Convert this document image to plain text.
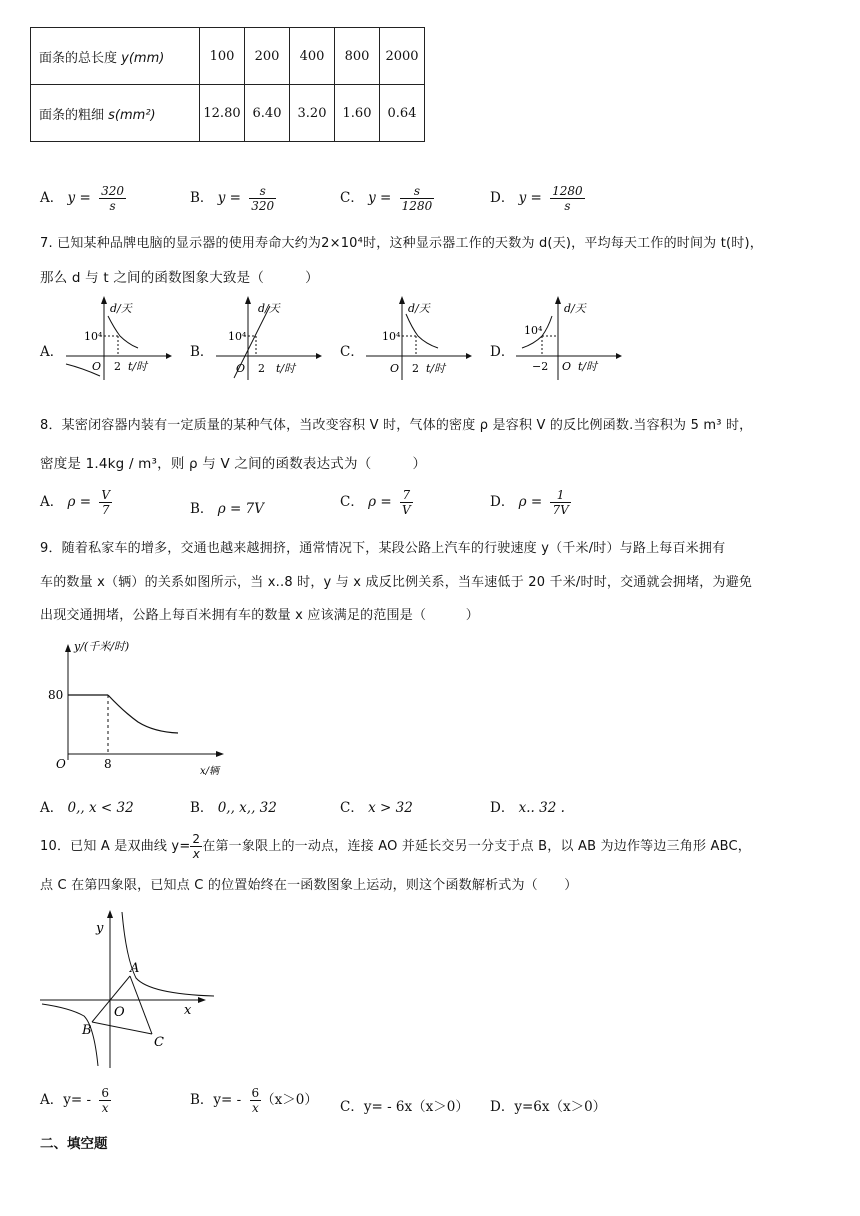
面条的总长度 y(mm)	100	200	400	800	2000
面条的粗细 s(mm²)	12.80	6.40	3.20	1.60	0.64
A． $y = \frac{320}{s}$	B． $y = \frac{s}{320}$	C． $y = \frac{s}{1280}$	D． $y = \frac{1280}{s}$
7. 已知某种品牌电脑的显示器的使用寿命大约为2×10⁴时，这种显示器工作的天数为 d(天)，平均每天工作的时间为 t(时)，
那么 d 与 t 之间的函数图象大致是（　　　）
A．	B．	C．	D．
d/天
10⁴
O 2 t/时
d/天
10⁴
O 2 t/时
d/天
10⁴
O 2 t/时
d/天
10⁴
−2 O t/时
8．某密闭容器内装有一定质量的某种气体，当改变容积 V 时，气体的密度 ρ 是容积 V 的反比例函数.当容积为 5 m³ 时，
密度是 1.4kg / m³，则 ρ 与 V 之间的函数表达式为（　　　）
A． $\rho = \frac{V}{7}$	B． ρ = 7V	C． $\rho = \frac{7}{V}$	D． $\rho = \frac{1}{7V}$
9．随着私家车的增多，交通也越来越拥挤，通常情况下，某段公路上汽车的行驶速度 y（千米/时）与路上每百米拥有
车的数量 x（辆）的关系如图所示，当 x..8 时，y 与 x 成反比例关系，当车速低于 20 千米/时时，交通就会拥堵，为避免
出现交通拥堵，公路上每百米拥有车的数量 x 应该满足的范围是（　　　）
y/(千米/时)
80
O	8
x/辆
A． 0,, x < 32	B． 0,, x,, 32	C． x > 32	D． x.. 32 .
10．已知 A 是双曲线 $y= \frac{2}{x}$ 在第一象限上的一动点，连接 AO 并延长交另一分支于点 B，以 AB 为边作等边三角形 ABC，
点 C 在第四象限，已知点 C 的位置始终在一函数图象上运动，则这个函数解析式为（　　）
y
x
A
B
C
O
A．$y= - \frac{6}{x}$	B．$y= - \frac{6}{x} (x>0)$ C．y= - 6x（x＞0） D．y=6x（x＞0）
二、填空题
